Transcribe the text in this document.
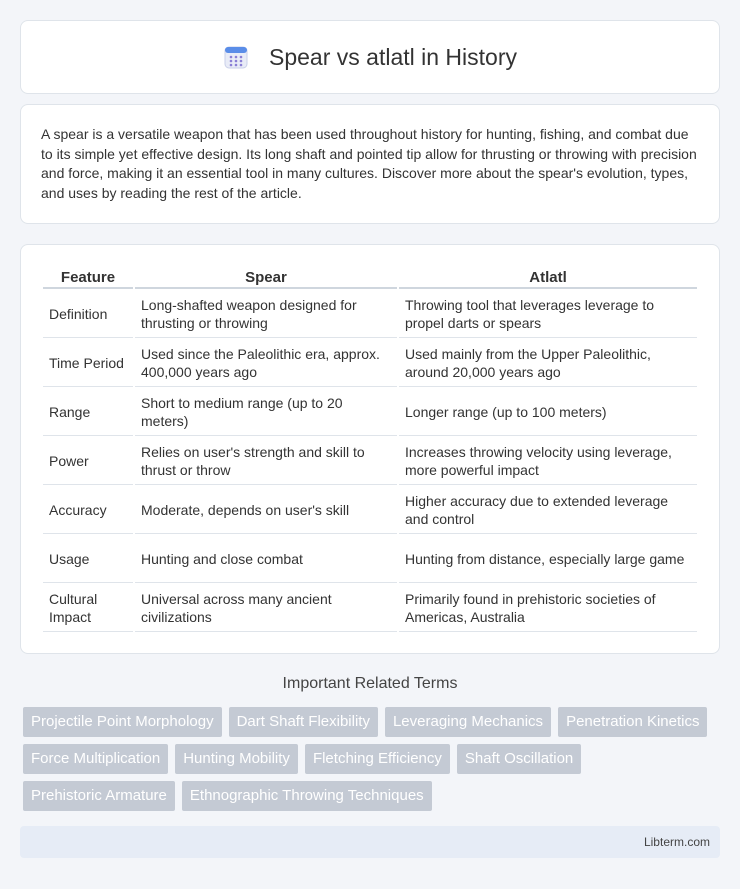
Spear vs atlatl in History

A spear is a versatile weapon that has been used throughout history for hunting, fishing, and combat due to its simple yet effective design. Its long shaft and pointed tip allow for thrusting or throwing with precision and force, making it an essential tool in many cultures. Discover more about the spear's evolution, types, and uses by reading the rest of the article.

Feature	Spear	Atlatl
Definition	Long-shafted weapon designed for thrusting or throwing	Throwing tool that leverages leverage to propel darts or spears
Time Period	Used since the Paleolithic era, approx. 400,000 years ago	Used mainly from the Upper Paleolithic, around 20,000 years ago
Range	Short to medium range (up to 20 meters)	Longer range (up to 100 meters)
Power	Relies on user's strength and skill to thrust or throw	Increases throwing velocity using leverage, more powerful impact
Accuracy	Moderate, depends on user's skill	Higher accuracy due to extended leverage and control
Usage	Hunting and close combat	Hunting from distance, especially large game
Cultural Impact	Universal across many ancient civilizations	Primarily found in prehistoric societies of Americas, Australia
Important Related Terms
Projectile Point Morphology	Dart Shaft Flexibility	Leveraging Mechanics	Penetration Kinetics
Force Multiplication	Hunting Mobility	Fletching Efficiency	Shaft Oscillation
Prehistoric Armature	Ethnographic Throwing Techniques
Libterm.com
